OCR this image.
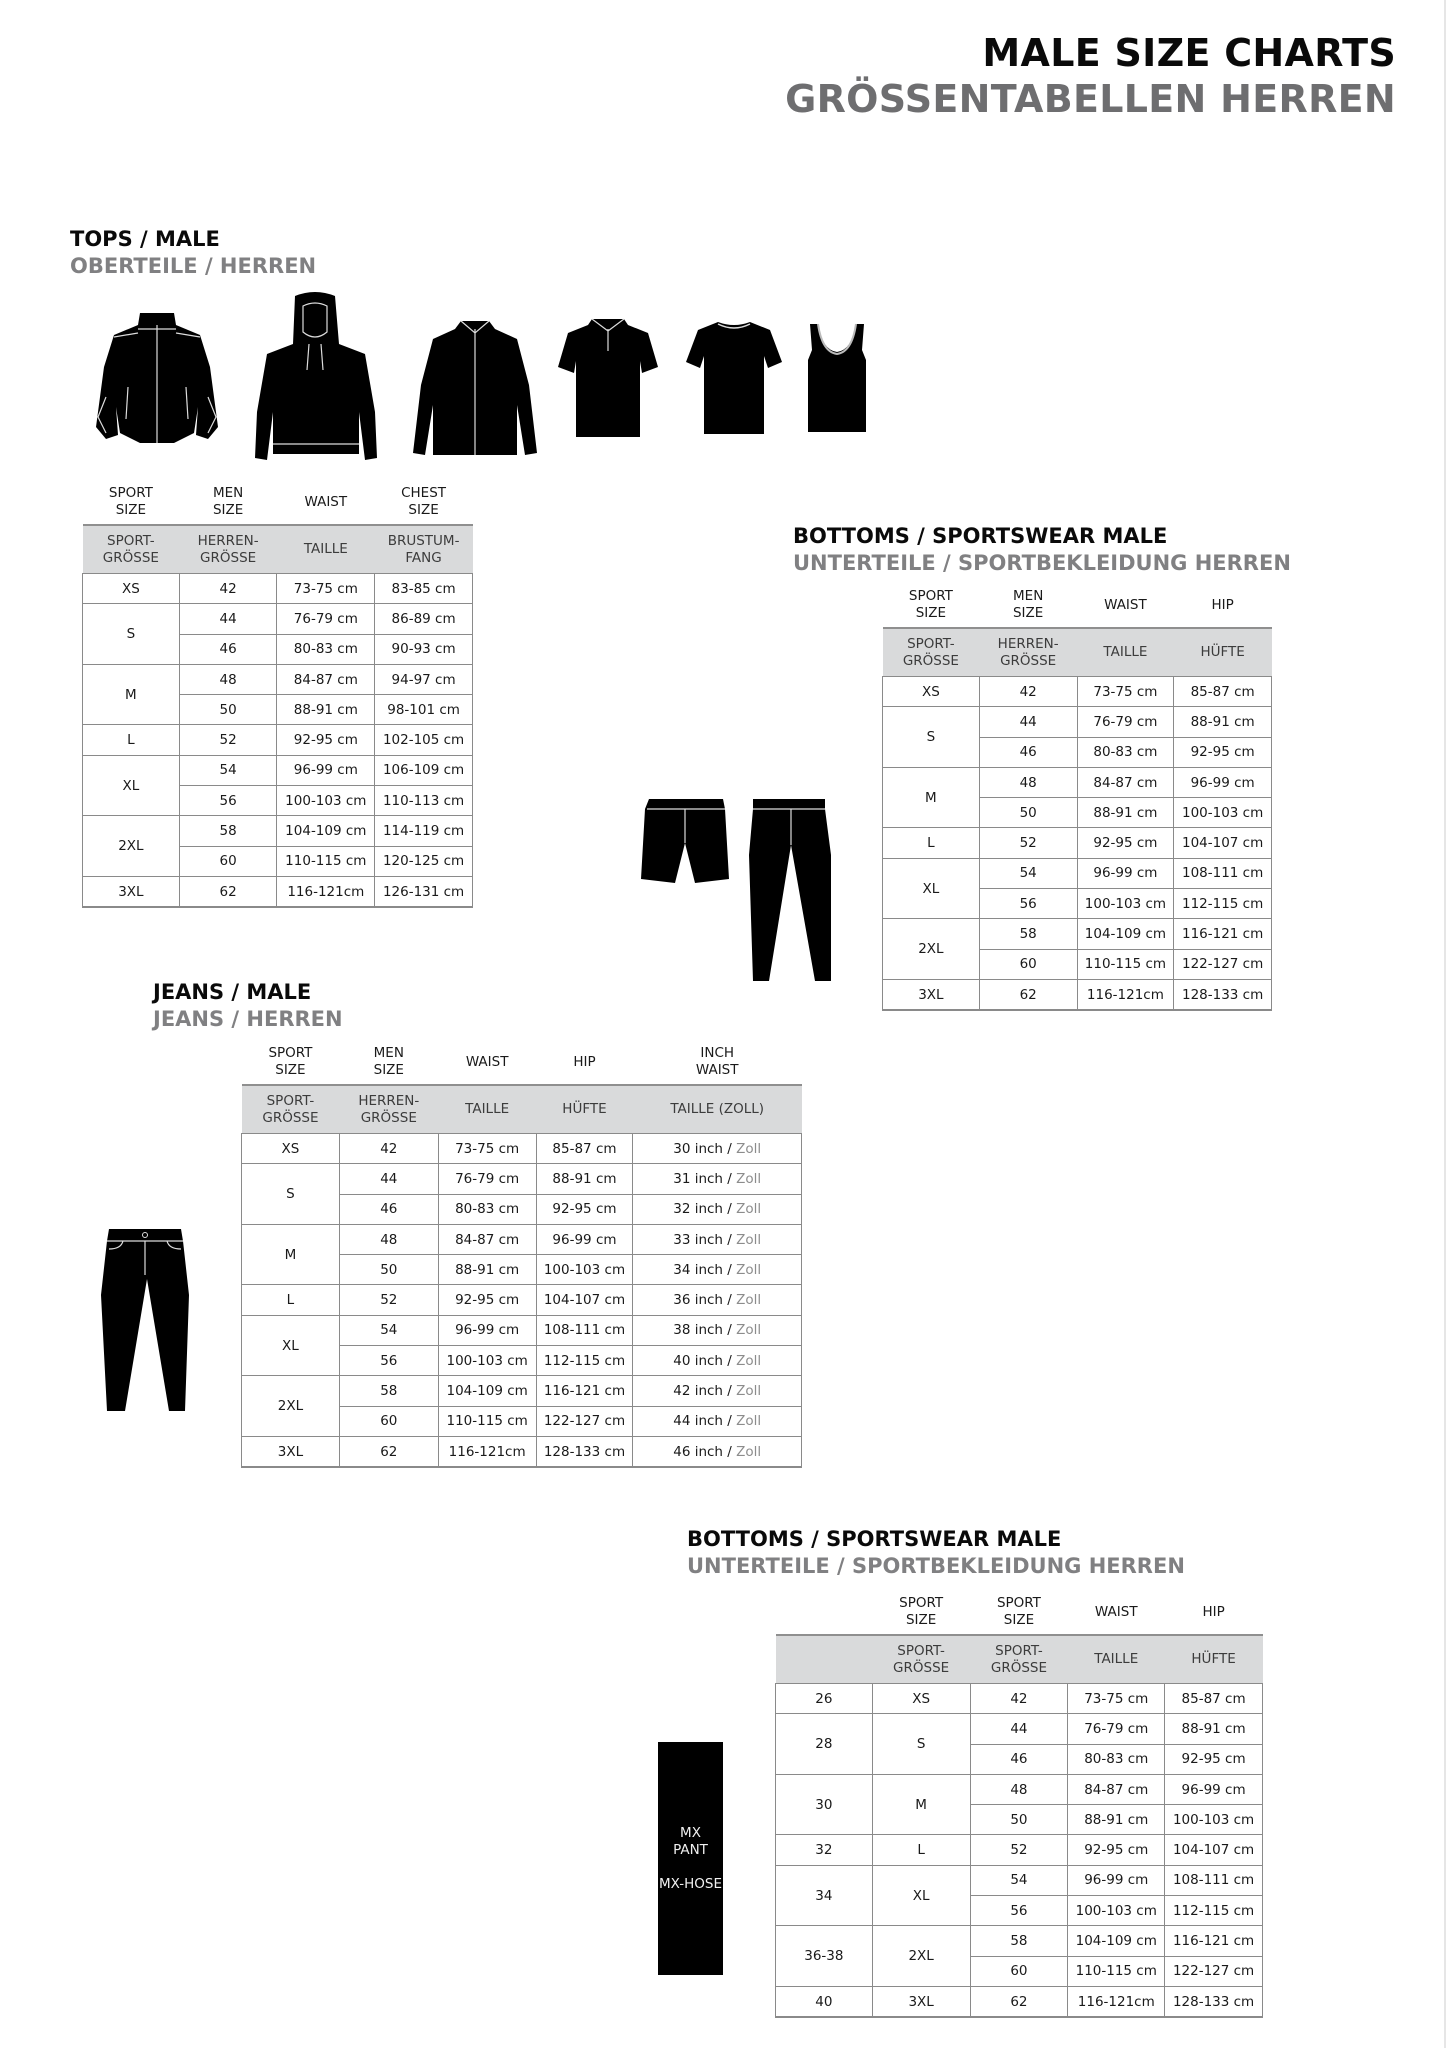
MALE SIZE CHARTS
GRÖSSENTABELLEN HERREN
TOPS / MALE
OBERTEILE / HERREN
SPORT
SIZE	MEN
SIZE	WAIST	CHEST
SIZE
SPORT-
GRÖSSE	HERREN-
GRÖSSE	TAILLE	BRUSTUM-
FANG
XS	42	73-75 cm	83-85 cm
S	44	76-79 cm	86-89 cm
	46	80-83 cm	90-93 cm
M	48	84-87 cm	94-97 cm
	50	88-91 cm	98-101 cm
L	52	92-95 cm	102-105 cm
XL	54	96-99 cm	106-109 cm
	56	100-103 cm	110-113 cm
2XL	58	104-109 cm	114-119 cm
	60	110-115 cm	120-125 cm
3XL	62	116-121cm	126-131 cm
BOTTOMS / SPORTSWEAR MALE
UNTERTEILE / SPORTBEKLEIDUNG HERREN
SPORT
SIZE	MEN
SIZE	WAIST	HIP
SPORT-
GRÖSSE	HERREN-
GRÖSSE	TAILLE	HÜFTE
XS	42	73-75 cm	85-87 cm
S	44	76-79 cm	88-91 cm
	46	80-83 cm	92-95 cm
M	48	84-87 cm	96-99 cm
	50	88-91 cm	100-103 cm
L	52	92-95 cm	104-107 cm
XL	54	96-99 cm	108-111 cm
	56	100-103 cm	112-115 cm
2XL	58	104-109 cm	116-121 cm
	60	110-115 cm	122-127 cm
3XL	62	116-121cm	128-133 cm
JEANS / MALE
JEANS / HERREN
SPORT
SIZE	MEN
SIZE	WAIST	HIP	INCH
WAIST
SPORT-
GRÖSSE	HERREN-
GRÖSSE	TAILLE	HÜFTE	TAILLE (ZOLL)
XS	42	73-75 cm	85-87 cm	30 inch / Zoll
S	44	76-79 cm	88-91 cm	31 inch / Zoll
	46	80-83 cm	92-95 cm	32 inch / Zoll
M	48	84-87 cm	96-99 cm	33 inch / Zoll
	50	88-91 cm	100-103 cm	34 inch / Zoll
L	52	92-95 cm	104-107 cm	36 inch / Zoll
XL	54	96-99 cm	108-111 cm	38 inch / Zoll
	56	100-103 cm	112-115 cm	40 inch / Zoll
2XL	58	104-109 cm	116-121 cm	42 inch / Zoll
	60	110-115 cm	122-127 cm	44 inch / Zoll
3XL	62	116-121cm	128-133 cm	46 inch / Zoll
BOTTOMS / SPORTSWEAR MALE
UNTERTEILE / SPORTBEKLEIDUNG HERREN
MX
PANT
MX-HOSE
	SPORT
SIZE	SPORT
SIZE	WAIST	HIP
	SPORT-
GRÖSSE	SPORT-
GRÖSSE	TAILLE	HÜFTE
26	XS	42	73-75 cm	85-87 cm
28	S	44	76-79 cm	88-91 cm
		46	80-83 cm	92-95 cm
30	M	48	84-87 cm	96-99 cm
		50	88-91 cm	100-103 cm
32	L	52	92-95 cm	104-107 cm
34	XL	54	96-99 cm	108-111 cm
		56	100-103 cm	112-115 cm
36-38	2XL	58	104-109 cm	116-121 cm
		60	110-115 cm	122-127 cm
40	3XL	62	116-121cm	128-133 cm
